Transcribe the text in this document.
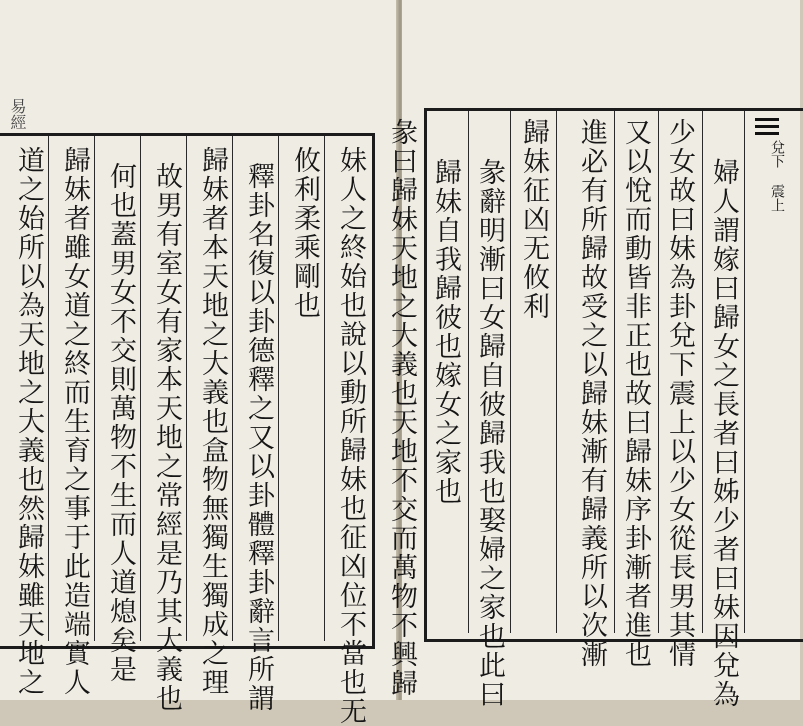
易經
妹人之終始也說以動所歸妹也征凶位不當也无
攸利柔乘剛也
釋卦名復以卦德釋之又以卦體釋卦辭言所謂
歸妹者本天地之大義也盒物無獨生獨成之理
故男有室女有家本天地之常經是乃其大義也
何也蓋男女不交則萬物不生而人道熄矣是
歸妹者雖女道之終而生育之事于此造端實人
道之始所以為天地之大義也然歸妹雖天地之	兌下 震上
婦人謂嫁曰歸女之長者曰姊少者曰妹因兌為
少女故曰妹為卦兌下震上以少女從長男其情
又以悅而動皆非正也故曰歸妹序卦漸者進也
進必有所歸故受之以歸妹漸有歸義所以次漸
歸妹征凶无攸利
彖辭明漸曰女歸自彼歸我也娶婦之家也此曰
歸妹自我歸彼也嫁女之家也
彖曰歸妹天地之大義也天地不交而萬物不興歸
